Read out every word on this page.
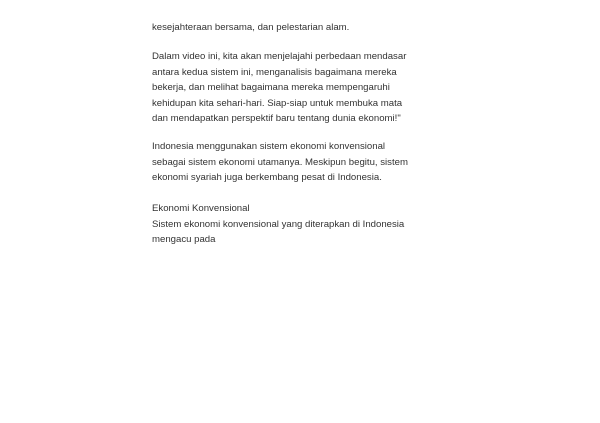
kesejahteraan bersama, dan pelestarian alam.
Dalam video ini, kita akan menjelajahi perbedaan mendasar
antara kedua sistem ini, menganalisis bagaimana mereka
bekerja, dan melihat bagaimana mereka mempengaruhi
kehidupan kita sehari-hari. Siap-siap untuk membuka mata
dan mendapatkan perspektif baru tentang dunia ekonomi!"
Indonesia menggunakan sistem ekonomi konvensional
sebagai sistem ekonomi utamanya. Meskipun begitu, sistem
ekonomi syariah juga berkembang pesat di Indonesia.
Ekonomi Konvensional
Sistem ekonomi konvensional yang diterapkan di Indonesia
mengacu pada
